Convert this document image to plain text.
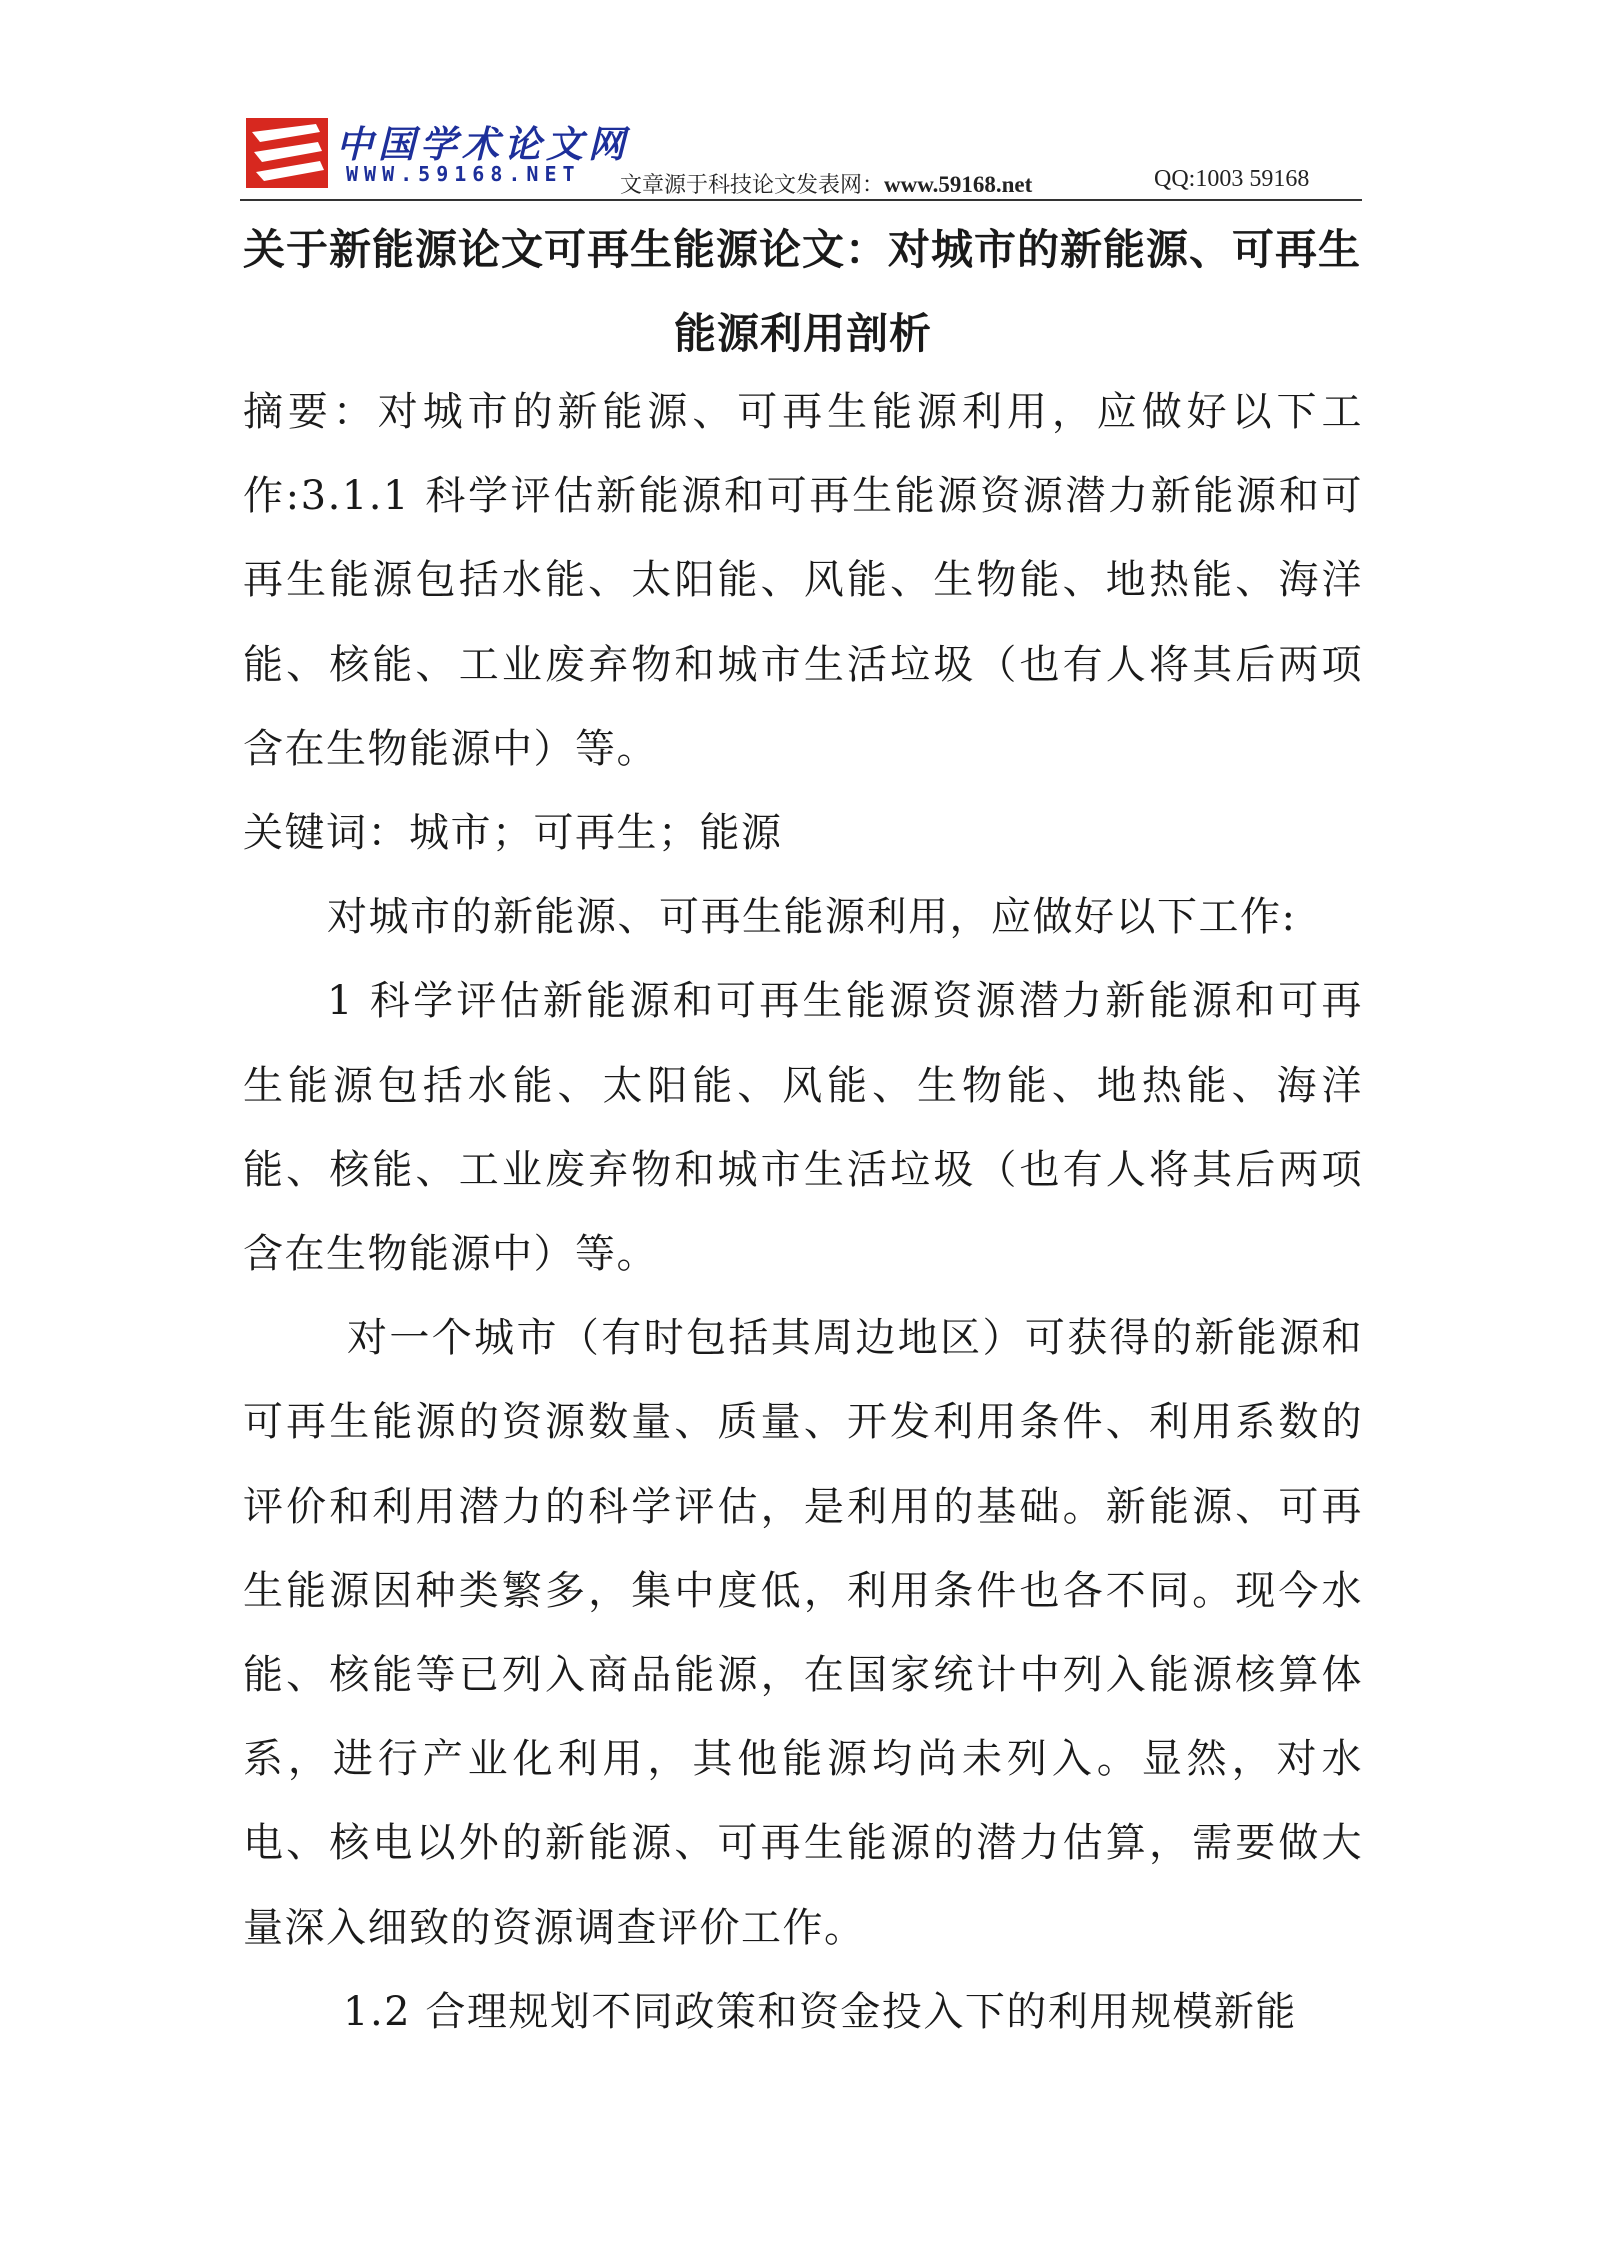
中国学术论文网
WWW.59168.NET 文章源于科技论文发表网：www.59168.net	QQ:1003 59168
关于新能源论文可再生能源论文：对城市的新能源、可再生
能源利用剖析

摘要：对城市的新能源、可再生能源利用，应做好以下工作:3.1.1 科学评估新能源和可再生能源资源潜力新能源和可再生能源包括水能、太阳能、风能、生物能、地热能、海洋能、核能、工业废弃物和城市生活垃圾（也有人将其后两项含在生物能源中）等。

关键词：城市；可再生；能源

对城市的新能源、可再生能源利用，应做好以下工作:

1 科学评估新能源和可再生能源资源潜力新能源和可再生能源包括水能、太阳能、风能、生物能、地热能、海洋能、核能、工业废弃物和城市生活垃圾（也有人将其后两项含在生物能源中）等。

对一个城市（有时包括其周边地区）可获得的新能源和可再生能源的资源数量、质量、开发利用条件、利用系数的评价和利用潜力的科学评估，是利用的基础。新能源、可再生能源因种类繁多，集中度低，利用条件也各不同。现今水能、核能等已列入商品能源，在国家统计中列入能源核算体系，进行产业化利用，其他能源均尚未列入。显然，对水电、核电以外的新能源、可再生能源的潜力估算，需要做大量深入细致的资源调查评价工作。

1.2 合理规划不同政策和资金投入下的利用规模新能
